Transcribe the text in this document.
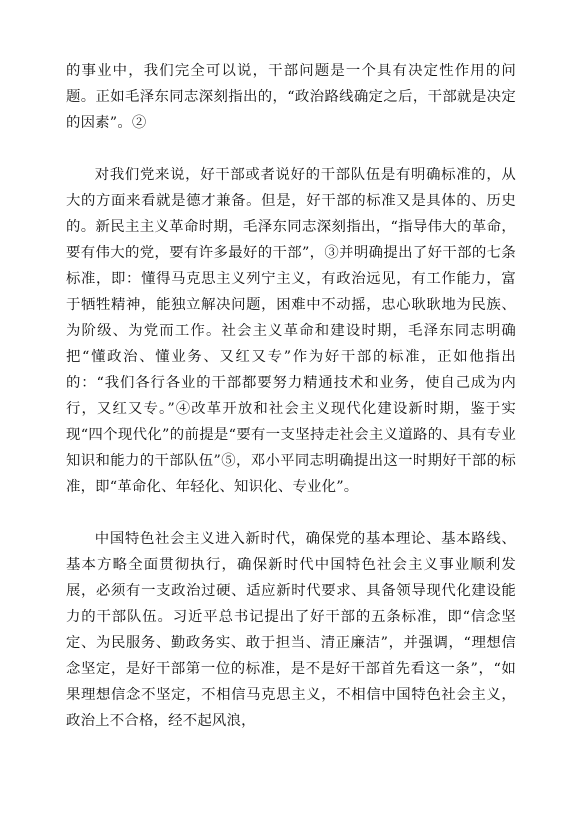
的事业中，我们完全可以说，干部问题是一个具有决定性作用的问题。正如毛泽东同志深刻指出的，“政治路线确定之后，干部就是决定的因素”。②

对我们党来说，好干部或者说好的干部队伍是有明确标准的，从大的方面来看就是德才兼备。但是，好干部的标准又是具体的、历史的。新民主主义革命时期，毛泽东同志深刻指出，“指导伟大的革命，要有伟大的党，要有许多最好的干部”，③并明确提出了好干部的七条标准，即：懂得马克思主义列宁主义，有政治远见，有工作能力，富于牺牲精神，能独立解决问题，困难中不动摇，忠心耿耿地为民族、为阶级、为党而工作。社会主义革命和建设时期，毛泽东同志明确把“懂政治、懂业务、又红又专”作为好干部的标准，正如他指出的：“我们各行各业的干部都要努力精通技术和业务，使自己成为内行，又红又专。”④改革开放和社会主义现代化建设新时期，鉴于实现“四个现代化”的前提是“要有一支坚持走社会主义道路的、具有专业知识和能力的干部队伍”⑤，邓小平同志明确提出这一时期好干部的标准，即“革命化、年轻化、知识化、专业化”。

中国特色社会主义进入新时代，确保党的基本理论、基本路线、基本方略全面贯彻执行，确保新时代中国特色社会主义事业顺利发展，必须有一支政治过硬、适应新时代要求、具备领导现代化建设能力的干部队伍。习近平总书记提出了好干部的五条标准，即“信念坚定、为民服务、勤政务实、敢于担当、清正廉洁”，并强调，“理想信念坚定，是好干部第一位的标准，是不是好干部首先看这一条”，“如果理想信念不坚定，不相信马克思主义，不相信中国特色社会主义，政治上不合格，经不起风浪，
